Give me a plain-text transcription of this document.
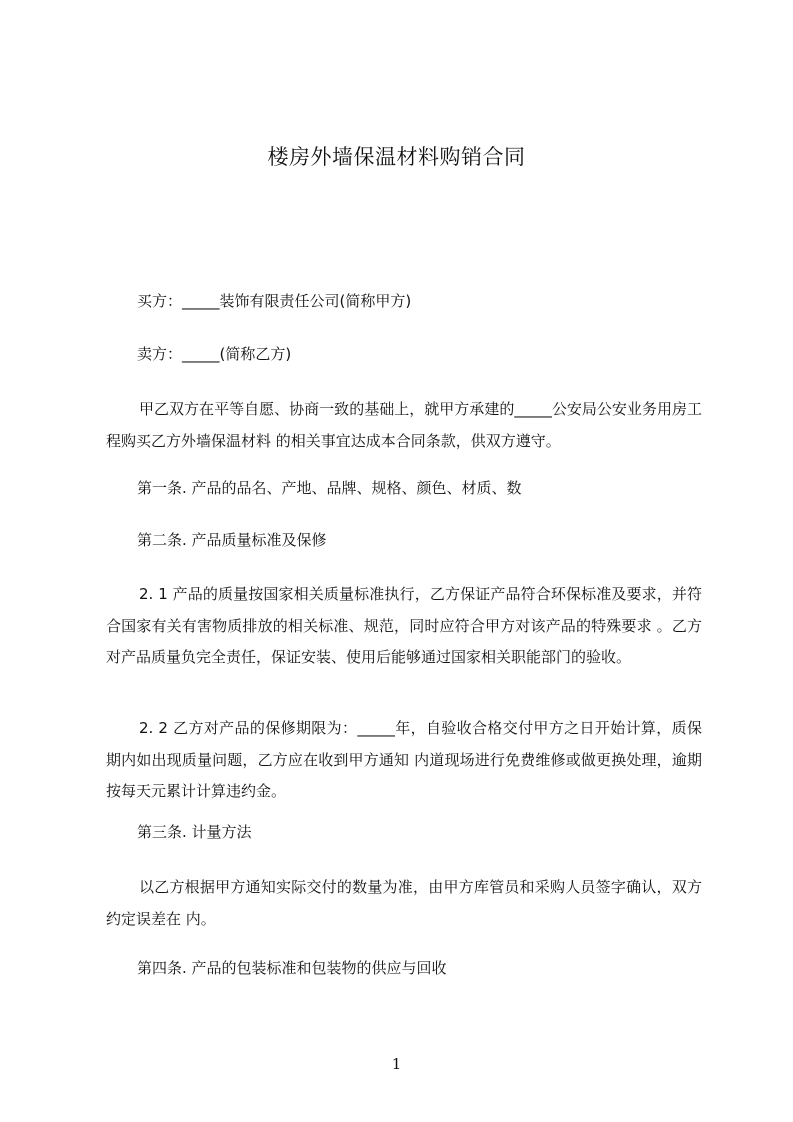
楼房外墙保温材料购销合同
买方：_____装饰有限责任公司(简称甲方)
卖方：_____(简称乙方)
甲乙双方在平等自愿、协商一致的基础上，就甲方承建的_____公安局公安业务用房工程购买乙方外墙保温材料 的相关事宜达成本合同条款，供双方遵守。
第一条. 产品的品名、产地、品牌、规格、颜色、材质、数
第二条. 产品质量标准及保修
2. 1 产品的质量按国家相关质量标准执行，乙方保证产品符合环保标准及要求，并符合国家有关有害物质排放的相关标准、规范，同时应符合甲方对该产品的特殊要求 。乙方对产品质量负完全责任，保证安装、使用后能够通过国家相关职能部门的验收。
2. 2 乙方对产品的保修期限为：_____年，自验收合格交付甲方之日开始计算，质保期内如出现质量问题，乙方应在收到甲方通知 内道现场进行免费维修或做更换处理，逾期按每天元累计计算违约金。
第三条. 计量方法
以乙方根据甲方通知实际交付的数量为准，由甲方库管员和采购人员签字确认，双方约定误差在 内。
第四条. 产品的包装标准和包装物的供应与回收
1
